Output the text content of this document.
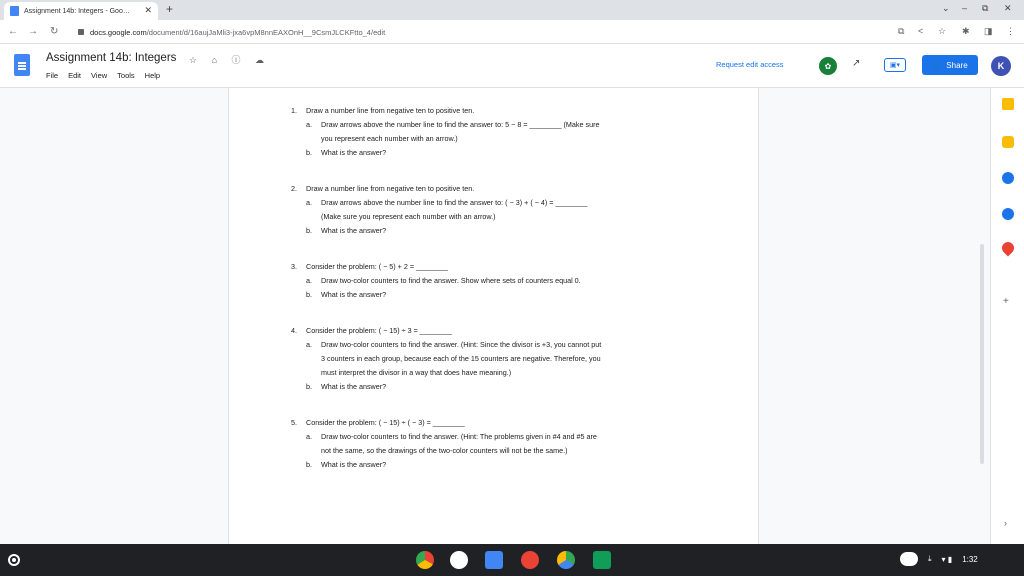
Assignment 14b: Integers - Goo… ✕ +	⌄ – ⧉ ✕
← → ↻	docs.google.com /document/d/16aujJaMli3-jxa6vpM8nnEAXOnH__9CsmJLCKFtto_4/edit	⧉ < ☆ ✱ ◨ ⋮
Assignment 14b: Integers ☆ ⌂ ⓘ ☁
File Edit View Tools Help
Request edit access	✿	↗	▣▾	👤 Share	K
1.	Draw a number line from negative ten to positive ten.
a.	Draw arrows above the number line to find the answer to: 5 − 8 = ________ (Make sure
you represent each number with an arrow.)
b.	What is the answer?
2.	Draw a number line from negative ten to positive ten.
a.	Draw arrows above the number line to find the answer to: ( − 3) + ( − 4) = ________
(Make sure you represent each number with an arrow.)
b.	What is the answer?
3.	Consider the problem: ( − 5) + 2 = ________
a.	Draw two-color counters to find the answer. Show where sets of counters equal 0.
b.	What is the answer?
4.	Consider the problem: ( − 15) ÷ 3 = ________
a.	Draw two-color counters to find the answer. (Hint: Since the divisor is +3, you cannot put
3 counters in each group, because each of the 15 counters are negative. Therefore, you
must interpret the divisor in a way that does have meaning.)
b.	What is the answer?
5.	Consider the problem: ( − 15) ÷ ( − 3) = ________
a.	Draw two-color counters to find the answer. (Hint: The problems given in #4 and #5 are
not the same, so the drawings of the two-color counters will not be the same.)
b.	What is the answer?
+
›
⤓ ▾ ▮ 1:32
